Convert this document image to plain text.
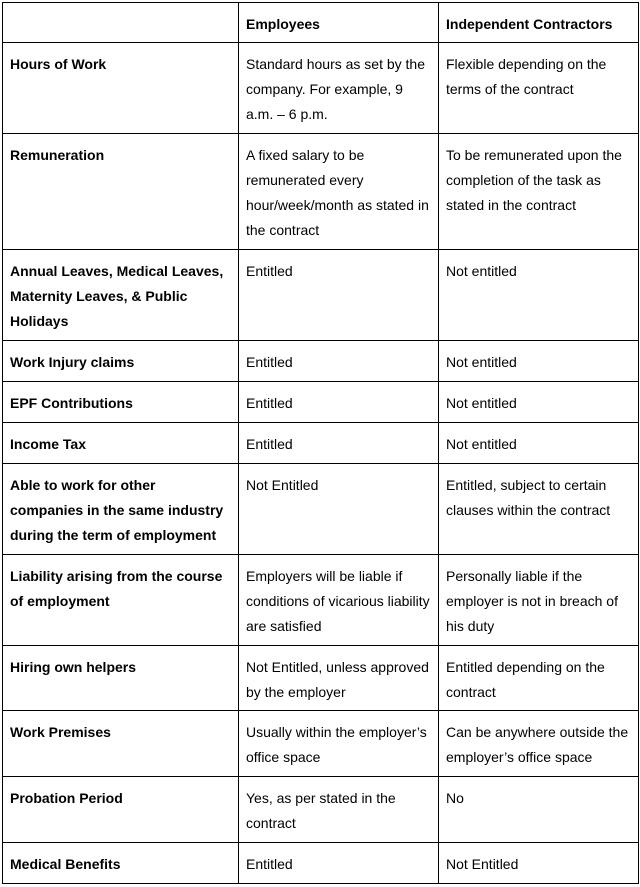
	Employees	Independent Contractors
Hours of Work	Standard hours as set by the company. For example, 9 a.m. – 6 p.m.	Flexible depending on the terms of the contract
Remuneration	A fixed salary to be remunerated every hour/week/month as stated in the contract	To be remunerated upon the completion of the task as stated in the contract
Annual Leaves, Medical Leaves, Maternity Leaves, & Public Holidays	Entitled	Not entitled
Work Injury claims	Entitled	Not entitled
EPF Contributions	Entitled	Not entitled
Income Tax	Entitled	Not entitled
Able to work for other companies in the same industry during the term of employment	Not Entitled	Entitled, subject to certain clauses within the contract
Liability arising from the course of employment	Employers will be liable if conditions of vicarious liability are satisfied	Personally liable if the employer is not in breach of his duty
Hiring own helpers	Not Entitled, unless approved by the employer	Entitled depending on the contract
Work Premises	Usually within the employer’s office space	Can be anywhere outside the employer’s office space
Probation Period	Yes, as per stated in the contract	No
Medical Benefits	Entitled	Not Entitled
